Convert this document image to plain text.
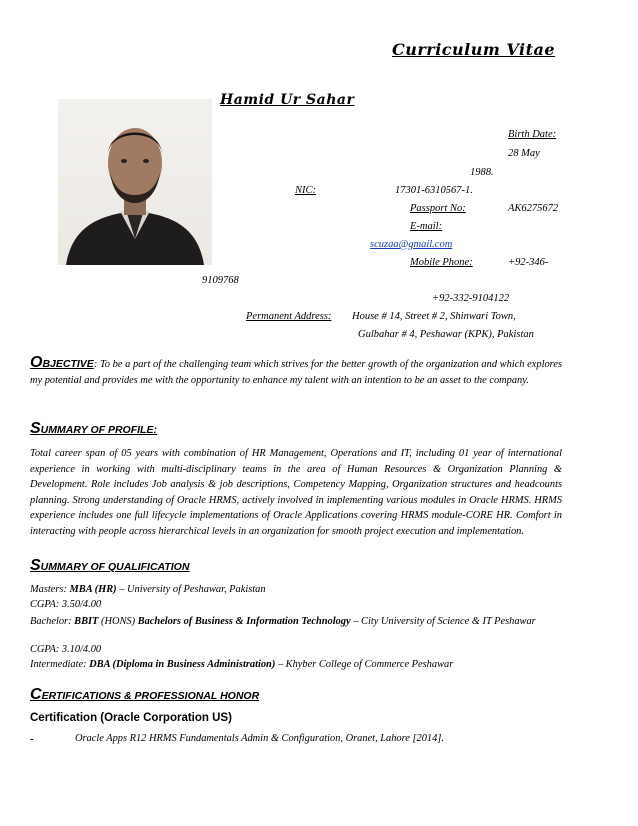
Curriculum Vitae
Hamid Ur Sahar
Birth Date:
28 May
1988.
NIC:	17301-6310567-1.
Passport No:	AK6275672
E-mail:
scuzaa@gmail.com
Mobile Phone:	+92-346-
9109768
+92-332-9104122
Permanent Address: House # 14, Street # 2, Shinwari Town,
Gulbahar # 4, Peshawar (KPK), Pakistan
OBJECTIVE: To be a part of the challenging team which strives for the better growth of the organization and which explores my potential and provides me with the opportunity to enhance my talent with an intention to be an asset to the company.
SUMMARY OF PROFILE:
Total career span of 05 years with combination of HR Management, Operations and IT, including 01 year of international experience in working with multi-disciplinary teams in the area of Human Resources & Organization Planning & Development. Role includes Job analysis & job descriptions, Competency Mapping, Organization structures and headcounts planning. Strong understanding of Oracle HRMS, actively involved in implementing various modules in Oracle HRMS. HRMS experience includes one full lifecycle implementations of Oracle Applications covering HRMS module-CORE HR. Comfort in interacting with people across hierarchical levels in an organization for smooth project execution and implementation.
SUMMARY OF QUALIFICATION
Masters: MBA (HR) – University of Peshawar, Pakistan
CGPA: 3.50/4.00
Bachelor: BBIT (HONS) Bachelors of Business & Information Technology – City University of Science & IT Peshawar
CGPA: 3.10/4.00
Intermediate: DBA (Diploma in Business Administration) – Khyber College of Commerce Peshawar
CERTIFICATIONS & PROFESSIONAL HONOR
Certification (Oracle Corporation US)
-	Oracle Apps R12 HRMS Fundamentals Admin & Configuration, Oranet, Lahore [2014].
